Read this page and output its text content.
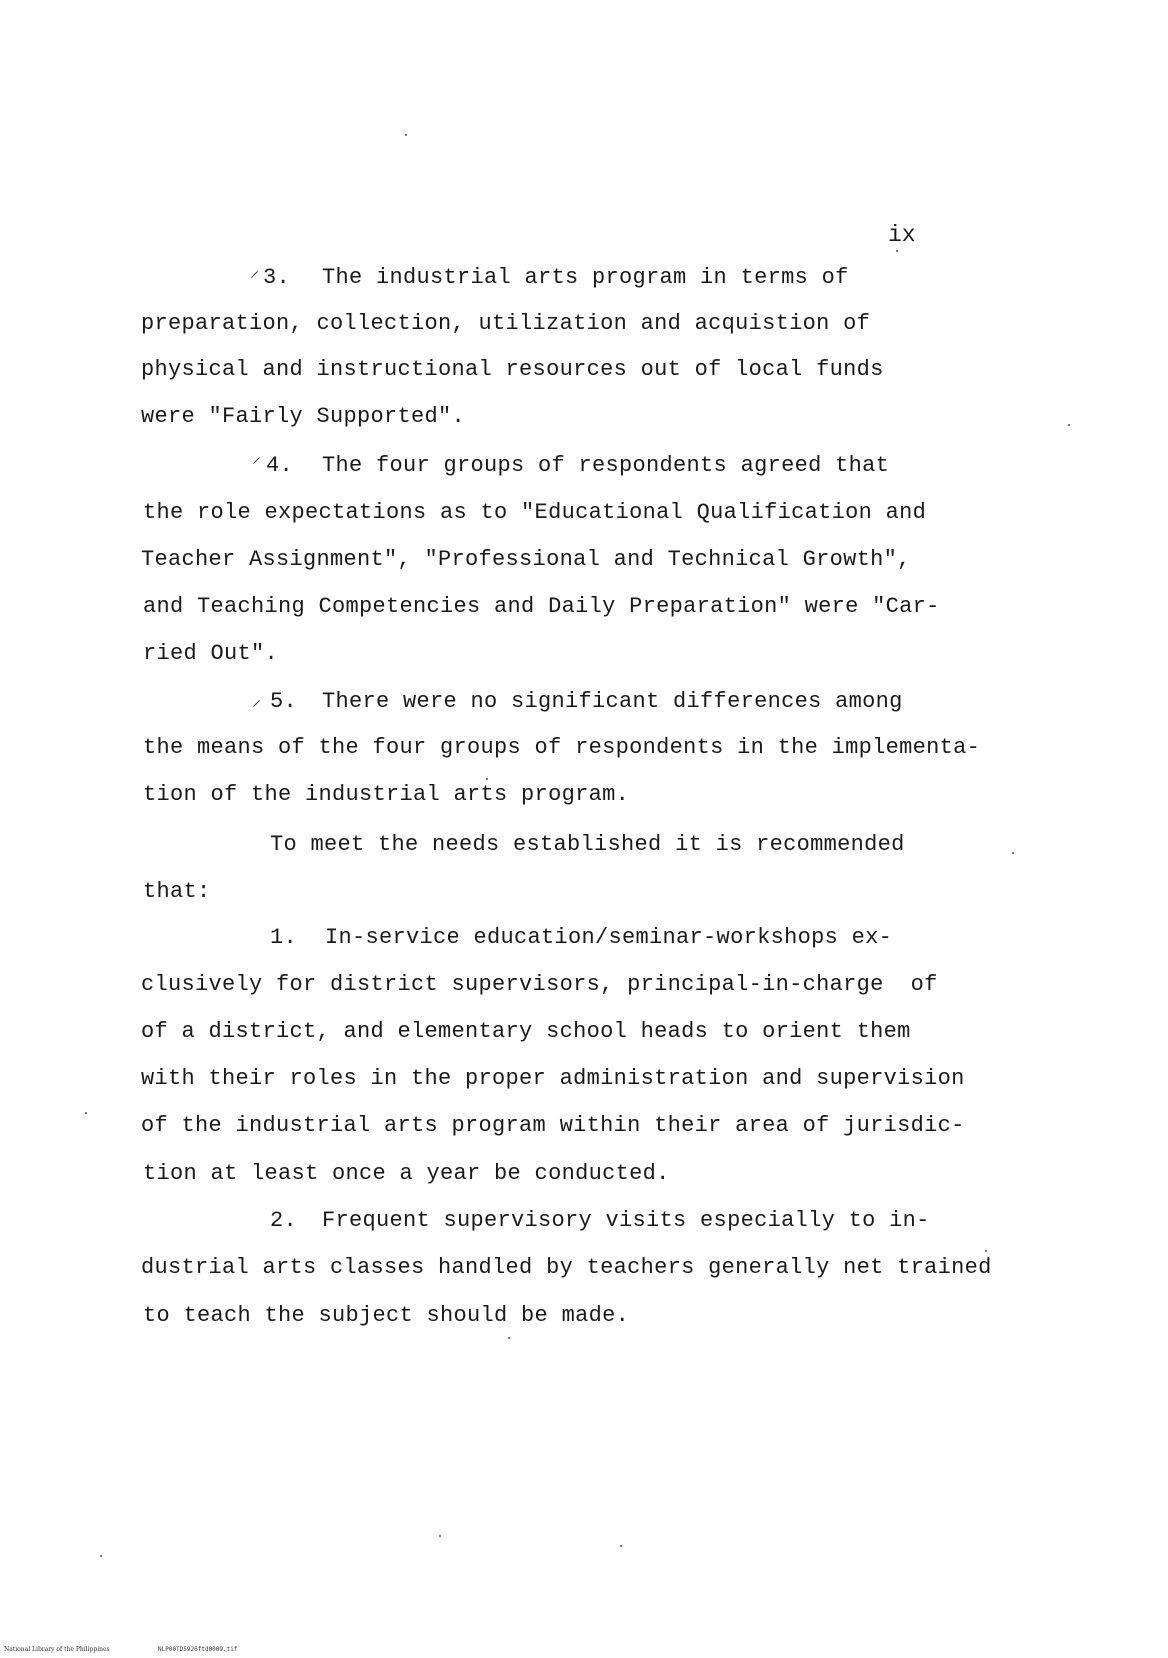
ix
⸍ 3. The industrial arts program in terms of
preparation, collection, utilization and acquistion of
physical and instructional resources out of local funds
were "Fairly Supported".
⸍ 4. The four groups of respondents agreed that
the role expectations as to "Educational Qualification and
Teacher Assignment", "Professional and Technical Growth",
and Teaching Competencies and Daily Preparation" were "Car-
ried Out".
⸍ 5. There were no significant differences among
the means of the four groups of respondents in the implementa-
tion of the industrial arts program.
To meet the needs established it is recommended
that:
1. In-service education/seminar-workshops ex-
clusively for district supervisors, principal-in-charge  of
of a district, and elementary school heads to orient them
with their roles in the proper administration and supervision
of the industrial arts program within their area of jurisdic-
tion at least once a year be conducted.
2. Frequent supervisory visits especially to in-
dustrial arts classes handled by teachers generally net trained
to teach the subject should be made.
National Library of the Philippines	NLP00TD5926ftd0009.tif
